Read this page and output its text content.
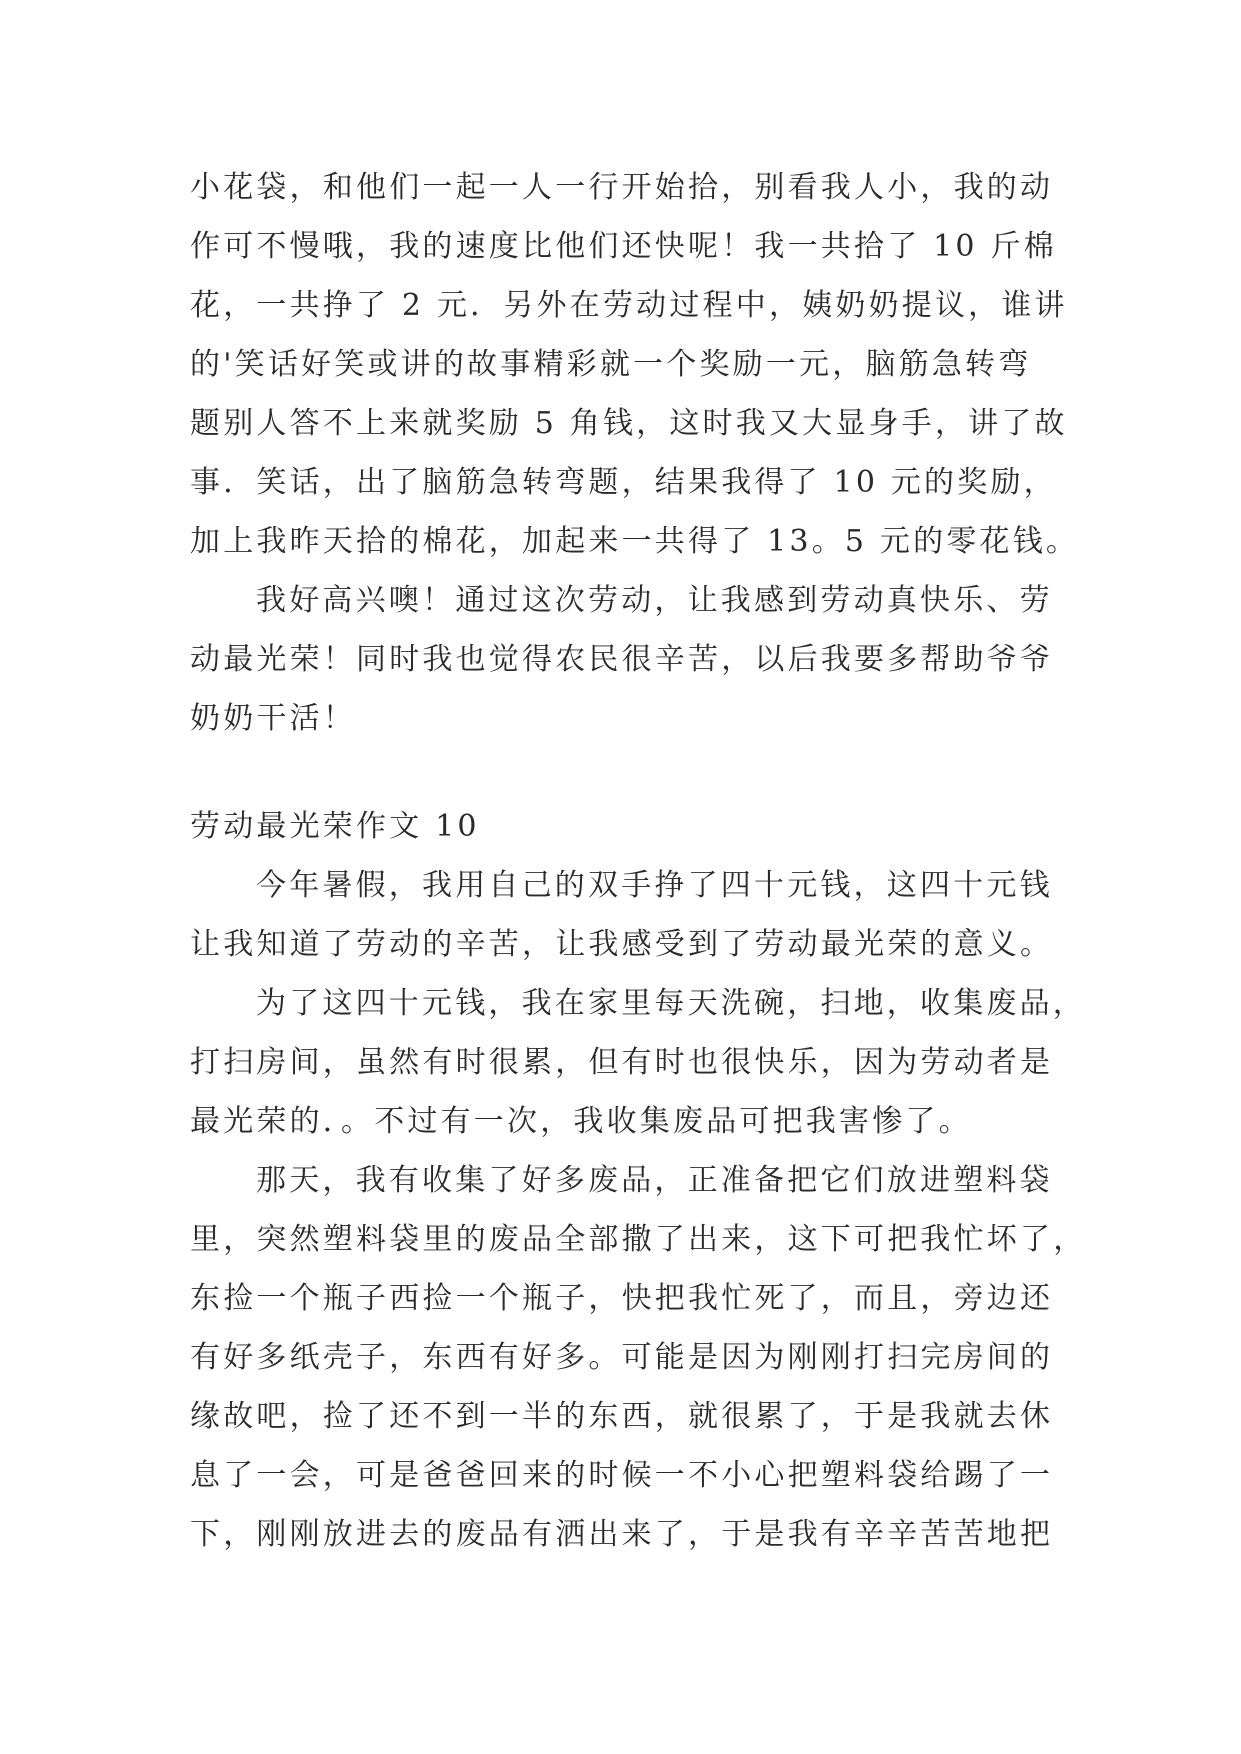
小花袋，和他们一起一人一行开始拾，别看我人小，我的动
作可不慢哦，我的速度比他们还快呢！我一共拾了 10 斤棉
花，一共挣了 2 元．另外在劳动过程中，姨奶奶提议，谁讲
的'笑话好笑或讲的故事精彩就一个奖励一元，脑筋急转弯
题别人答不上来就奖励 5 角钱，这时我又大显身手，讲了故
事．笑话，出了脑筋急转弯题，结果我得了 10 元的奖励，
加上我昨天拾的棉花，加起来一共得了 13。5 元的零花钱。
我好高兴噢！通过这次劳动，让我感到劳动真快乐、劳
动最光荣！同时我也觉得农民很辛苦，以后我要多帮助爷爷
奶奶干活！
劳动最光荣作文 10
今年暑假，我用自己的双手挣了四十元钱，这四十元钱
让我知道了劳动的辛苦，让我感受到了劳动最光荣的意义。
为了这四十元钱，我在家里每天洗碗，扫地，收集废品，
打扫房间，虽然有时很累，但有时也很快乐，因为劳动者是
最光荣的．。不过有一次，我收集废品可把我害惨了。
那天，我有收集了好多废品，正准备把它们放进塑料袋
里，突然塑料袋里的废品全部撒了出来，这下可把我忙坏了，
东捡一个瓶子西捡一个瓶子，快把我忙死了，而且，旁边还
有好多纸壳子，东西有好多。可能是因为刚刚打扫完房间的
缘故吧，捡了还不到一半的东西，就很累了，于是我就去休
息了一会，可是爸爸回来的时候一不小心把塑料袋给踢了一
下，刚刚放进去的废品有洒出来了，于是我有辛辛苦苦地把
